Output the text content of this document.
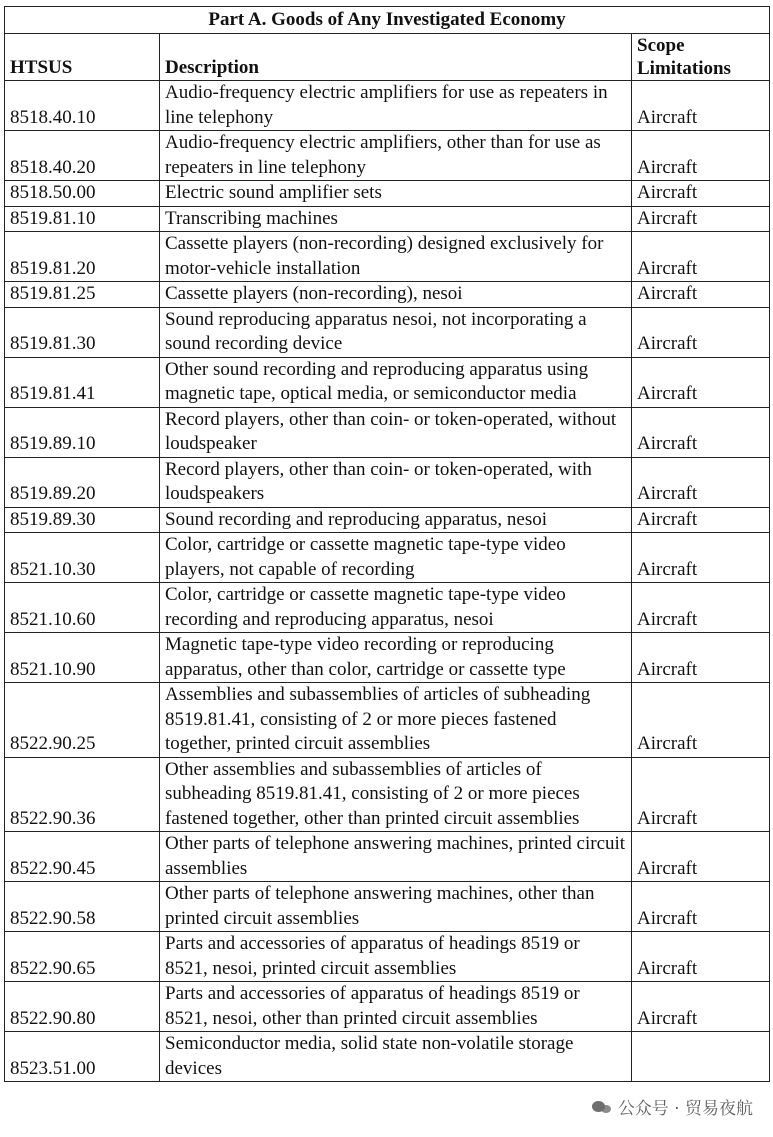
Part A. Goods of Any Investigated Economy		
HTSUS	Description	Scope
Limitations
8518.40.10	Audio-frequency electric amplifiers for use as repeaters in line telephony	Aircraft
8518.40.20	Audio-frequency electric amplifiers, other than for use as repeaters in line telephony	Aircraft
8518.50.00	Electric sound amplifier sets	Aircraft
8519.81.10	Transcribing machines	Aircraft
8519.81.20	Cassette players (non-recording) designed exclusively for motor-vehicle installation	Aircraft
8519.81.25	Cassette players (non-recording), nesoi	Aircraft
8519.81.30	Sound reproducing apparatus nesoi, not incorporating a sound recording device	Aircraft
8519.81.41	Other sound recording and reproducing apparatus using magnetic tape, optical media, or semiconductor media	Aircraft
8519.89.10	Record players, other than coin- or token-operated, without loudspeaker	Aircraft
8519.89.20	Record players, other than coin- or token-operated, with loudspeakers	Aircraft
8519.89.30	Sound recording and reproducing apparatus, nesoi	Aircraft
8521.10.30	Color, cartridge or cassette magnetic tape-type video players, not capable of recording	Aircraft
8521.10.60	Color, cartridge or cassette magnetic tape-type video recording and reproducing apparatus, nesoi	Aircraft
8521.10.90	Magnetic tape-type video recording or reproducing apparatus, other than color, cartridge or cassette type	Aircraft
8522.90.25	Assemblies and subassemblies of articles of subheading 8519.81.41, consisting of 2 or more pieces fastened together, printed circuit assemblies	Aircraft
8522.90.36	Other assemblies and subassemblies of articles of subheading 8519.81.41, consisting of 2 or more pieces fastened together, other than printed circuit assemblies	Aircraft
8522.90.45	Other parts of telephone answering machines, printed circuit assemblies	Aircraft
8522.90.58	Other parts of telephone answering machines, other than printed circuit assemblies	Aircraft
8522.90.65	Parts and accessories of apparatus of headings 8519 or 8521, nesoi, printed circuit assemblies	Aircraft
8522.90.80	Parts and accessories of apparatus of headings 8519 or 8521, nesoi, other than printed circuit assemblies	Aircraft
8523.51.00	Semiconductor media, solid state non-volatile storage devices	
公众号 · 贸易夜航
